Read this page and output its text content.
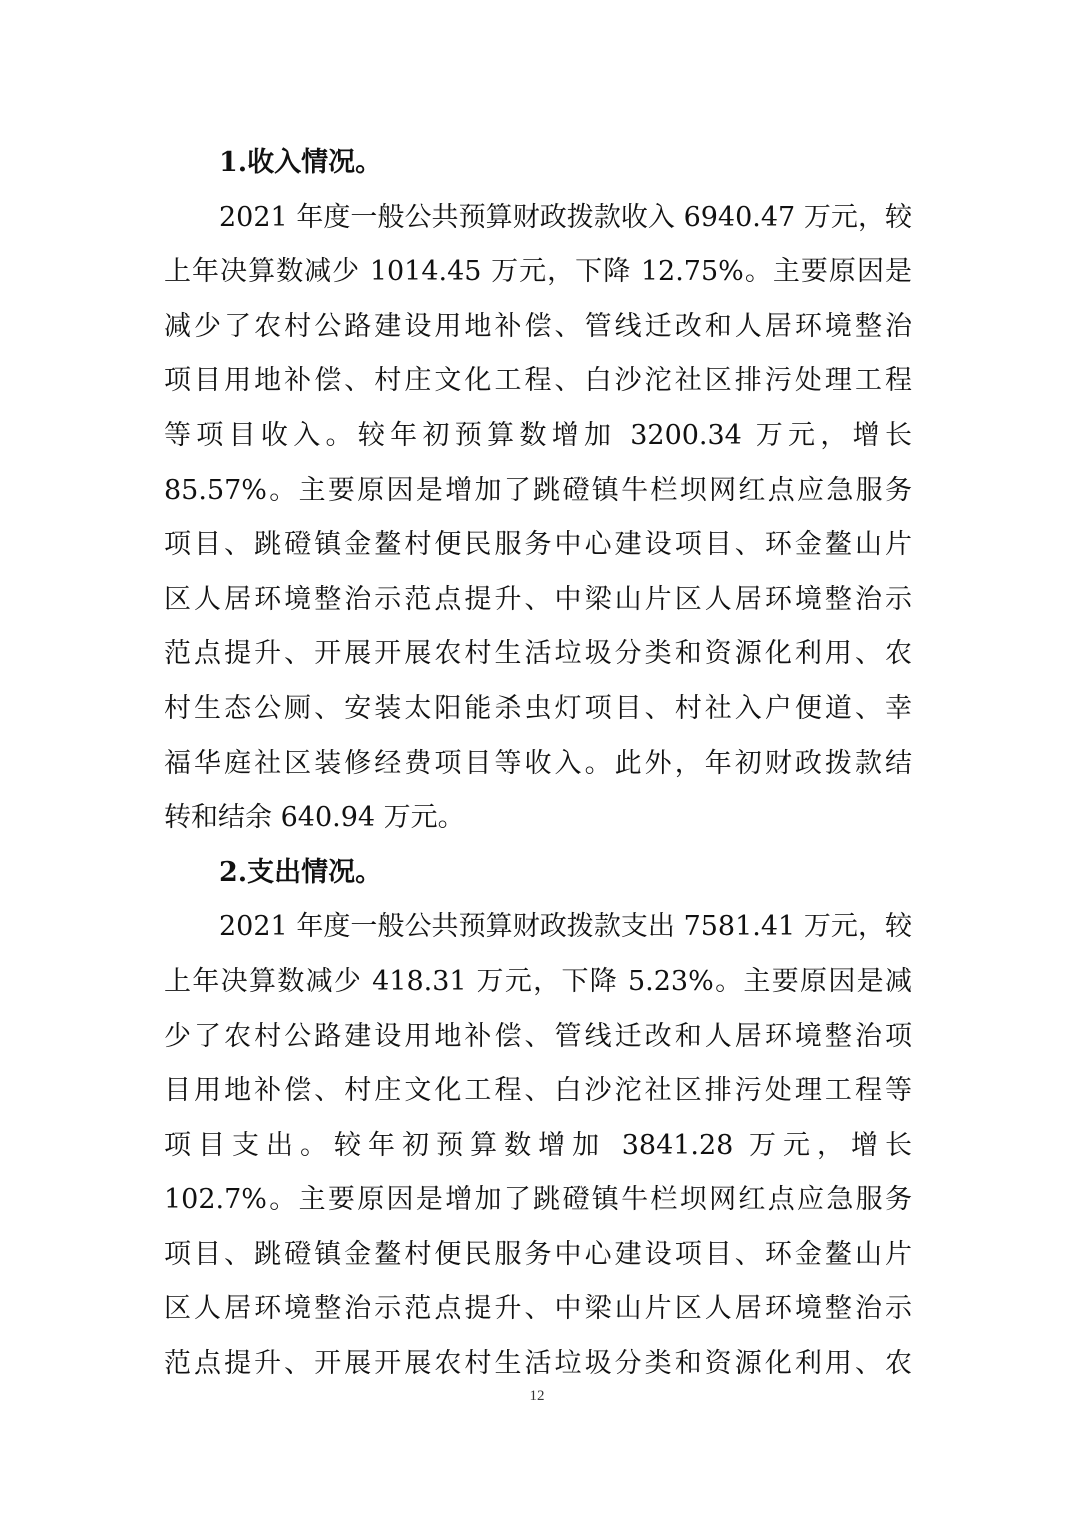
1.收入情况。
2021 年度一般公共预算财政拨款收入 6940.47 万元，较
上年决算数减少 1014.45 万元，下降 12.75%。主要原因是
减少了农村公路建设用地补偿、管线迁改和人居环境整治
项目用地补偿、村庄文化工程、白沙沱社区排污处理工程
等项目收入。较年初预算数增加 3200.34 万元，增长
85.57%。主要原因是增加了跳磴镇牛栏坝网红点应急服务
项目、跳磴镇金鳌村便民服务中心建设项目、环金鳌山片
区人居环境整治示范点提升、中梁山片区人居环境整治示
范点提升、开展开展农村生活垃圾分类和资源化利用、农
村生态公厕、安装太阳能杀虫灯项目、村社入户便道、幸
福华庭社区装修经费项目等收入。此外，年初财政拨款结
转和结余 640.94 万元。
2.支出情况。
2021 年度一般公共预算财政拨款支出 7581.41 万元，较
上年决算数减少 418.31 万元，下降 5.23%。主要原因是减
少了农村公路建设用地补偿、管线迁改和人居环境整治项
目用地补偿、村庄文化工程、白沙沱社区排污处理工程等
项目支出。较年初预算数增加 3841.28 万元，增长
102.7%。主要原因是增加了跳磴镇牛栏坝网红点应急服务
项目、跳磴镇金鳌村便民服务中心建设项目、环金鳌山片
区人居环境整治示范点提升、中梁山片区人居环境整治示
范点提升、开展开展农村生活垃圾分类和资源化利用、农
12
